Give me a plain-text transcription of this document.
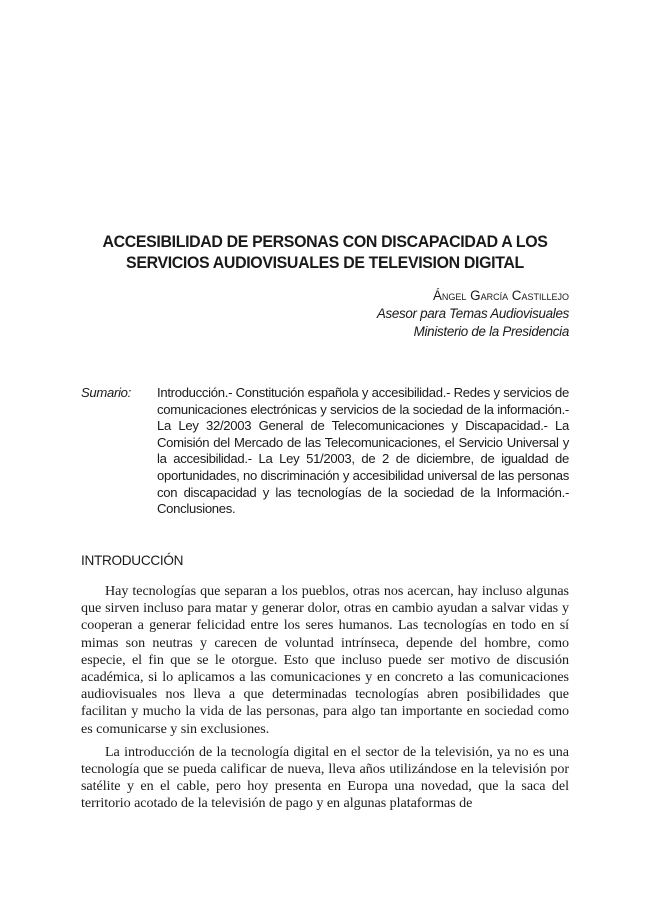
ACCESIBILIDAD DE PERSONAS CON DISCAPACIDAD A LOS
SERVICIOS AUDIOVISUALES DE TELEVISION DIGITAL
Ángel García Castillejo
Asesor para Temas Audiovisuales
Ministerio de la Presidencia
Sumario: Introducción.- Constitución española y accesibilidad.- Redes y servicios de comunicaciones electrónicas y servicios de la sociedad de la información.- La Ley 32/2003 General de Telecomunicaciones y Discapacidad.- La Comisión del Mercado de las Telecomunicaciones, el Servicio Universal y la accesibilidad.- La Ley 51/2003, de 2 de diciembre, de igualdad de oportunidades, no discriminación y accesibilidad universal de las personas con discapacidad y las tecnologías de la sociedad de la Información.- Conclusiones.
INTRODUCCIÓN

Hay tecnologías que separan a los pueblos, otras nos acercan, hay incluso algunas que sirven incluso para matar y generar dolor, otras en cambio ayudan a salvar vidas y cooperan a generar felicidad entre los seres humanos. Las tecnologías en todo en sí mimas son neutras y carecen de voluntad intrínseca, depende del hombre, como especie, el fin que se le otorgue. Esto que incluso puede ser motivo de discusión académica, si lo aplicamos a las comunicaciones y en concreto a las comunicaciones audiovisuales nos lleva a que determinadas tecnologías abren posibilidades que facilitan y mucho la vida de las personas, para algo tan importante en sociedad como es comunicarse y sin exclusiones.

La introducción de la tecnología digital en el sector de la televisión, ya no es una tecnología que se pueda calificar de nueva, lleva años utilizándose en la televisión por satélite y en el cable, pero hoy presenta en Europa una novedad, que la saca del territorio acotado de la televisión de pago y en algunas plataformas de
